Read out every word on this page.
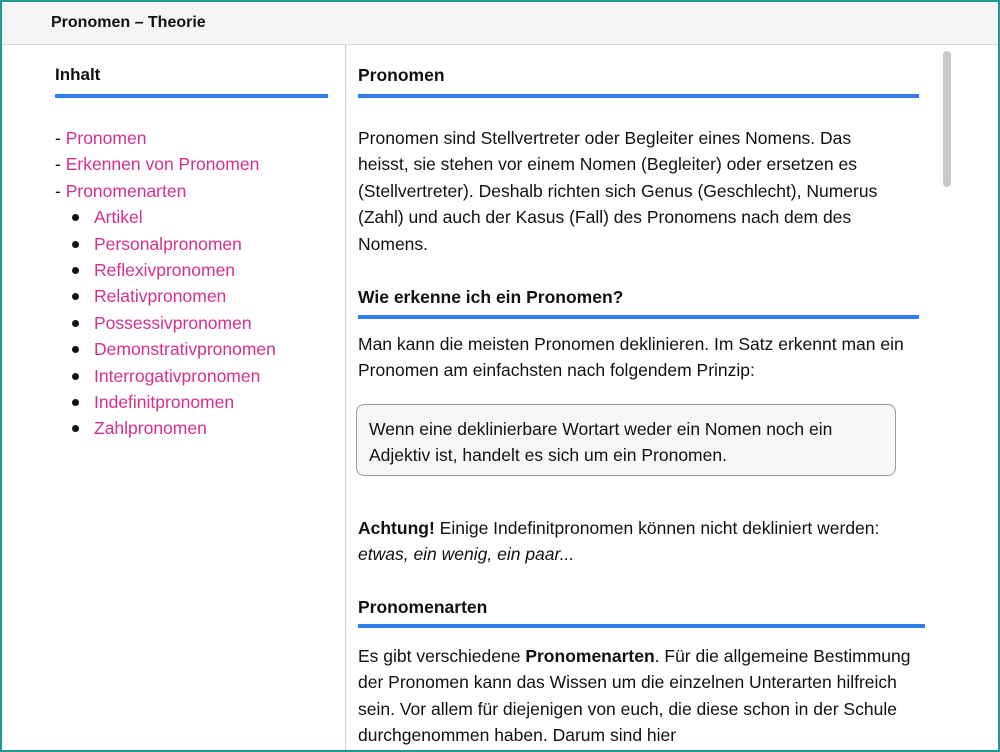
Pronomen – Theorie
Inhalt
- Pronomen
- Erkennen von Pronomen
- Pronomenarten
Artikel
Personalpronomen
Reflexivpronomen
Relativpronomen
Possessivpronomen
Demonstrativpronomen
Interrogativpronomen
Indefinitpronomen
Zahlpronomen
Pronomen

Pronomen sind Stellvertreter oder Begleiter eines Nomens. Das heisst, sie stehen vor einem Nomen (Begleiter) oder ersetzen es (Stellvertreter). Deshalb richten sich Genus (Geschlecht), Numerus (Zahl) und auch der Kasus (Fall) des Pronomens nach dem des Nomens.

Wie erkenne ich ein Pronomen?

Man kann die meisten Pronomen deklinieren. Im Satz erkennt man ein Pronomen am einfachsten nach folgendem Prinzip:

Wenn eine deklinierbare Wortart weder ein Nomen noch ein Adjektiv ist, handelt es sich um ein Pronomen.

Achtung! Einige Indefinitpronomen können nicht dekliniert werden: etwas, ein wenig, ein paar...

Pronomenarten

Es gibt verschiedene Pronomenarten. Für die allgemeine Bestimmung der Pronomen kann das Wissen um die einzelnen Unterarten hilfreich sein. Vor allem für diejenigen von euch, die diese schon in der Schule durchgenommen haben. Darum sind hier
